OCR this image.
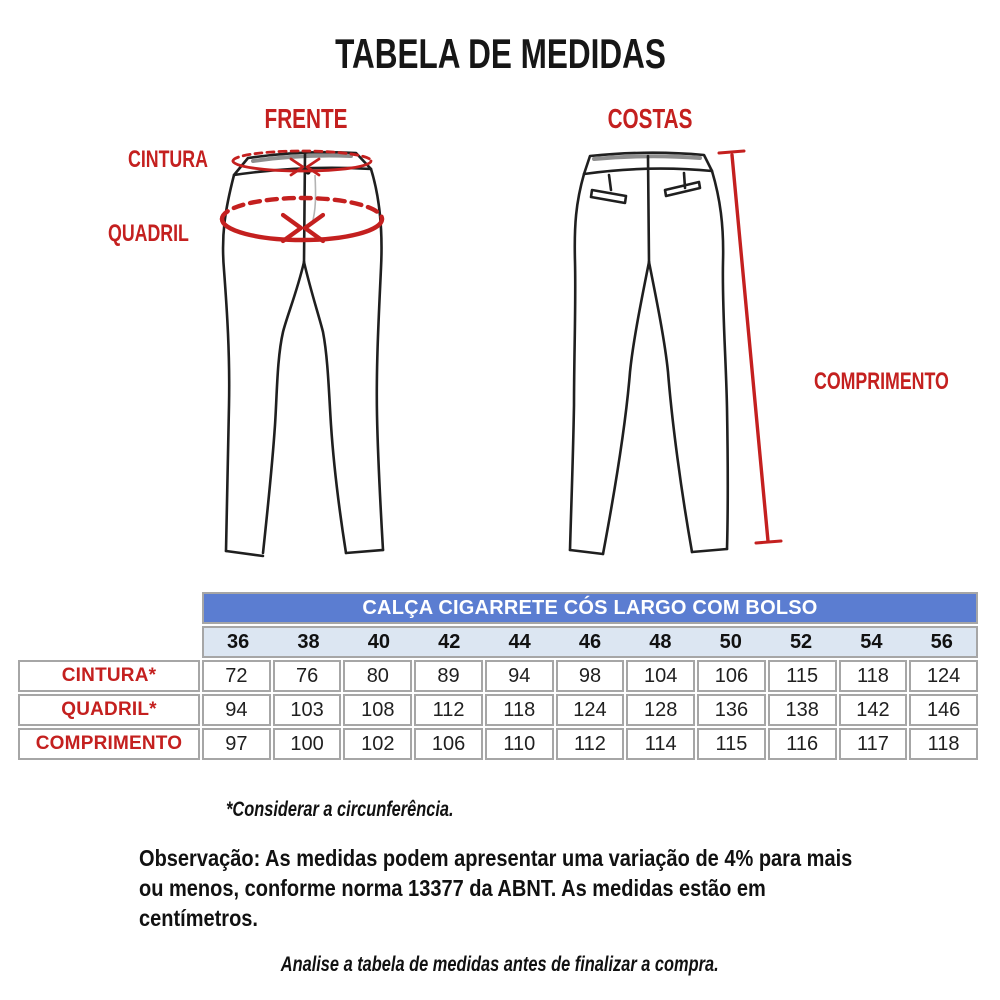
TABELA DE MEDIDAS
FRENTE	COSTAS
CINTURA
QUADRIL
COMPRIMENTO
CALÇA CIGARRETE CÓS LARGO COM BOLSO
36	38	40	42	44	46	48	50	52	54	56
CINTURA*	72	76	80	89	94	98	104	106	115	118	124
QUADRIL*	94	103	108	112	118	124	128	136	138	142	146
COMPRIMENTO	97	100	102	106	110	112	114	115	116	117	118
*Considerar a circunferência.
Observação: As medidas podem apresentar uma variação de 4% para mais
ou menos, conforme norma 13377 da ABNT. As medidas estão em
centímetros.
Analise a tabela de medidas antes de finalizar a compra.
